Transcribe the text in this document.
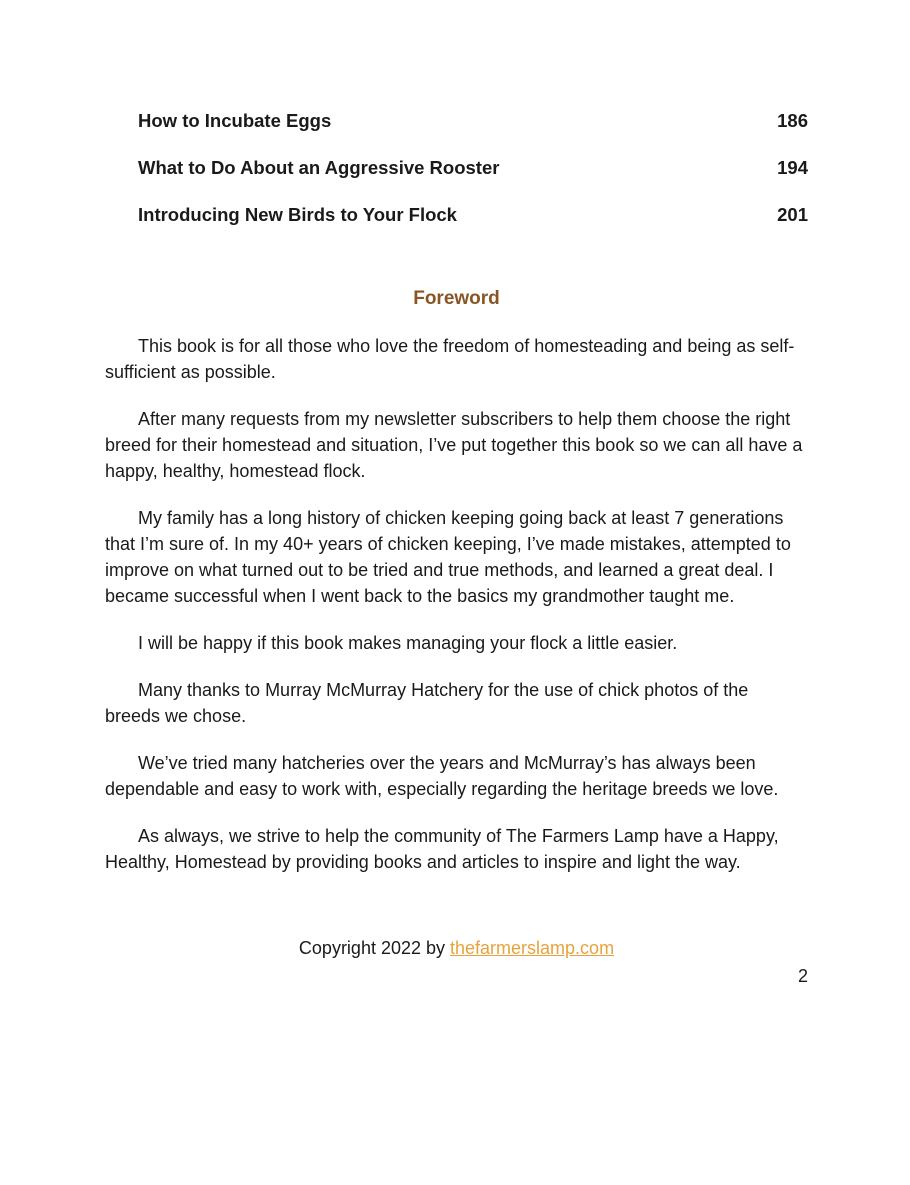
How to Incubate Eggs	186
What to Do About an Aggressive Rooster	194
Introducing New Birds to Your Flock	201
Foreword

This book is for all those who love the freedom of homesteading and being as self-sufficient as possible.

After many requests from my newsletter subscribers to help them choose the right breed for their homestead and situation, I’ve put together this book so we can all have a happy, healthy, homestead flock.

My family has a long history of chicken keeping going back at least 7 generations that I’m sure of. In my 40+ years of chicken keeping, I’ve made mistakes, attempted to improve on what turned out to be tried and true methods, and learned a great deal. I became successful when I went back to the basics my grandmother taught me.

I will be happy if this book makes managing your flock a little easier.

Many thanks to Murray McMurray Hatchery for the use of chick photos of the breeds we chose.

We’ve tried many hatcheries over the years and McMurray’s has always been dependable and easy to work with, especially regarding the heritage breeds we love.

As always, we strive to help the community of The Farmers Lamp have a Happy, Healthy, Homestead by providing books and articles to inspire and light the way.

Copyright 2022 by thefarmerslamp.com
2
